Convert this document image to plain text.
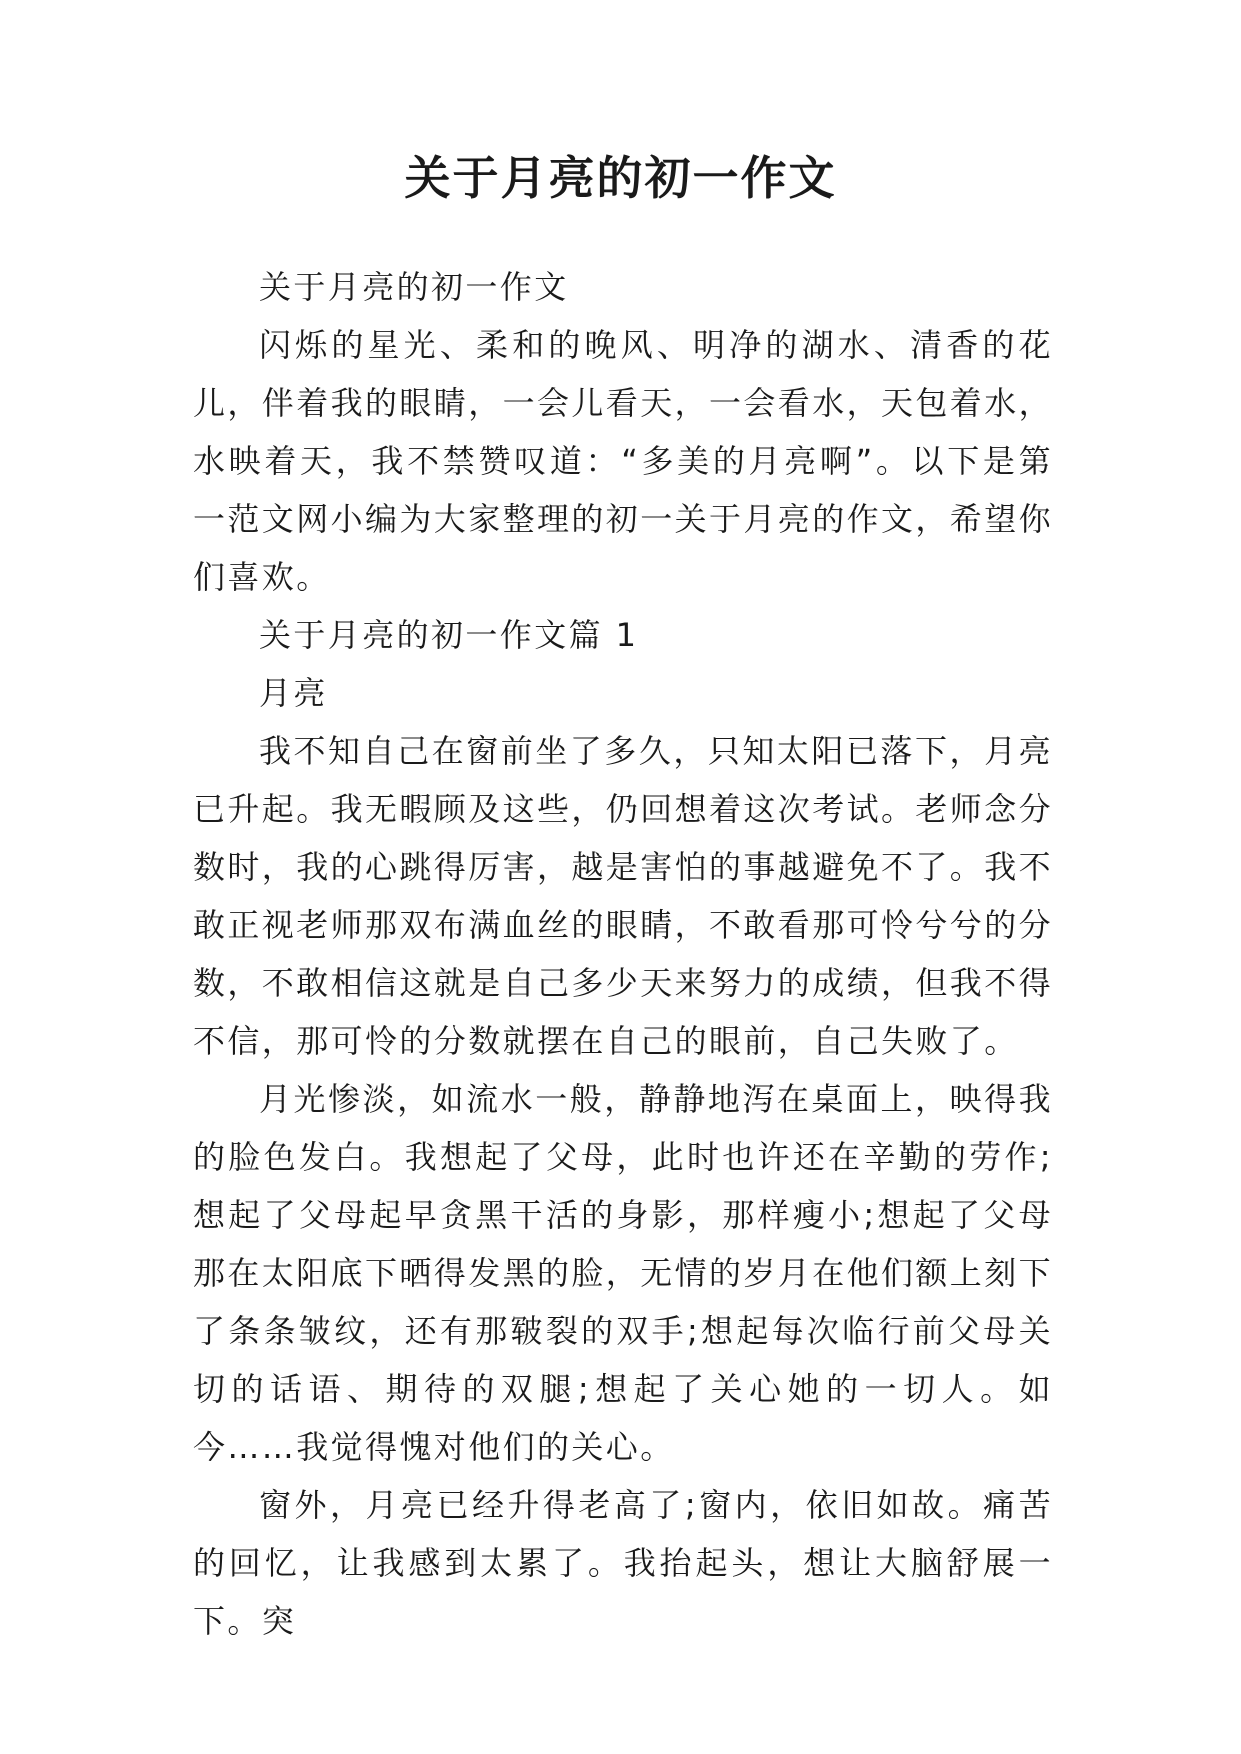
关于月亮的初一作文

关于月亮的初一作文

闪烁的星光、柔和的晚风、明净的湖水、清香的花儿，伴着我的眼睛，一会儿看天，一会看水，天包着水，水映着天，我不禁赞叹道：“多美的月亮啊”。以下是第一范文网小编为大家整理的初一关于月亮的作文，希望你们喜欢。

关于月亮的初一作文篇 1

月亮

我不知自己在窗前坐了多久，只知太阳已落下，月亮已升起。我无暇顾及这些，仍回想着这次考试。老师念分数时，我的心跳得厉害，越是害怕的事越避免不了。我不敢正视老师那双布满血丝的眼睛，不敢看那可怜兮兮的分数，不敢相信这就是自己多少天来努力的成绩，但我不得不信，那可怜的分数就摆在自己的眼前，自己失败了。

月光惨淡，如流水一般，静静地泻在桌面上，映得我的脸色发白。我想起了父母，此时也许还在辛勤的劳作;想起了父母起早贪黑干活的身影，那样瘦小;想起了父母那在太阳底下晒得发黑的脸，无情的岁月在他们额上刻下了条条皱纹，还有那皲裂的双手;想起每次临行前父母关切的话语、期待的双腿;想起了关心她的一切人。如今……我觉得愧对他们的关心。

窗外，月亮已经升得老高了;窗内，依旧如故。痛苦的回忆，让我感到太累了。我抬起头，想让大脑舒展一下。突
